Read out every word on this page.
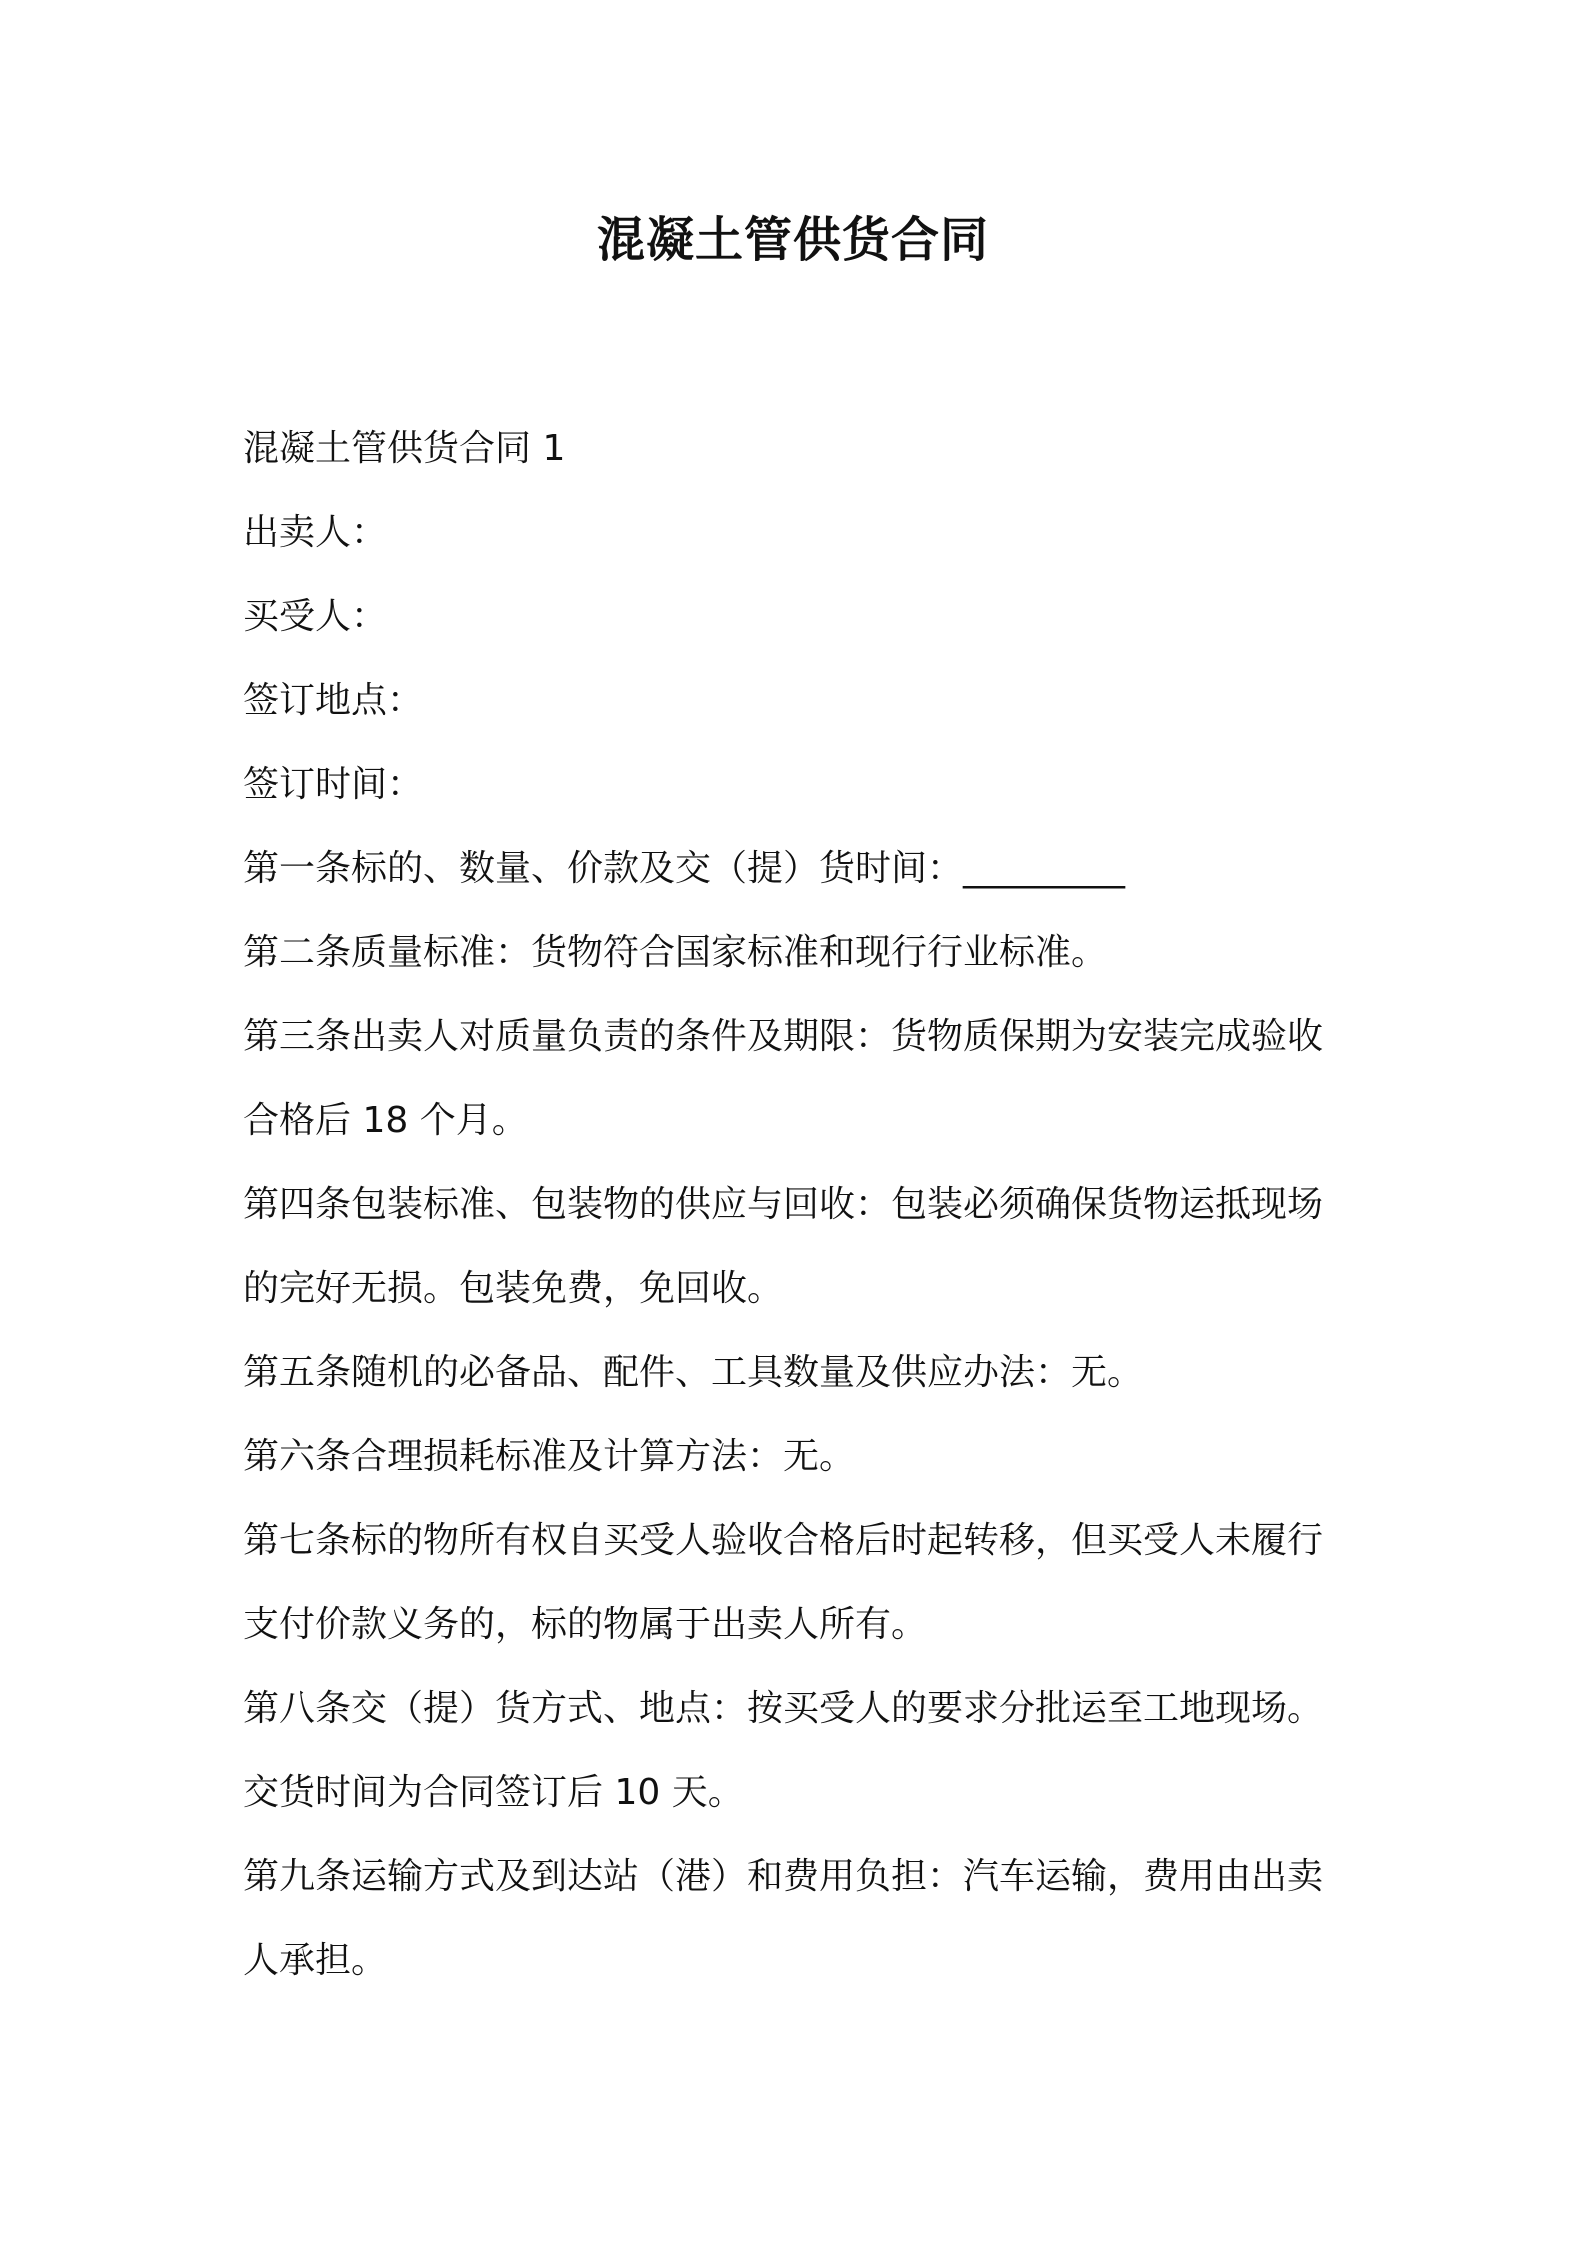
混凝土管供货合同
混凝土管供货合同 1
出卖人：
买受人：
签订地点：
签订时间：
第一条标的、数量、价款及交（提）货时间：_________
第二条质量标准：货物符合国家标准和现行行业标准。
第三条出卖人对质量负责的条件及期限：货物质保期为安装完成验收
合格后 18 个月。
第四条包装标准、包装物的供应与回收：包装必须确保货物运抵现场
的完好无损。包装免费，免回收。
第五条随机的必备品、配件、工具数量及供应办法：无。
第六条合理损耗标准及计算方法：无。
第七条标的物所有权自买受人验收合格后时起转移，但买受人未履行
支付价款义务的，标的物属于出卖人所有。
第八条交（提）货方式、地点：按买受人的要求分批运至工地现场。
交货时间为合同签订后 10 天。
第九条运输方式及到达站（港）和费用负担：汽车运输，费用由出卖
人承担。
